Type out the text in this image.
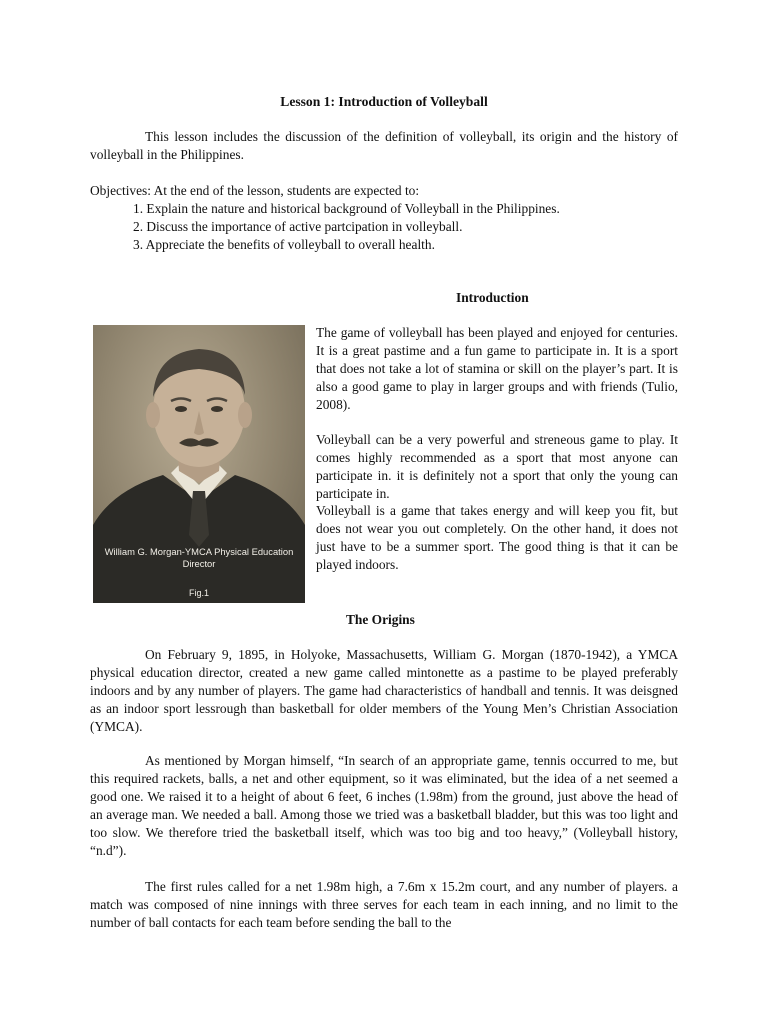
Lesson 1: Introduction of Volleyball

This lesson includes the discussion of the definition of volleyball, its origin and the history of volleyball in the Philippines.

Objectives: At the end of the lesson, students are expected to:
1. Explain the nature and historical background of Volleyball in the Philippines.
2. Discuss the importance of active partcipation in volleyball.
3. Appreciate the benefits of volleyball to overall health.
Introduction
William G. Morgan-YMCA Physical Education Director
Fig.1

The game of volleyball has been played and enjoyed for centuries. It is a great pastime and a fun game to participate in. It is a sport that does not take a lot of stamina or skill on the player’s part. It is also a good game to play in larger groups and with friends (Tulio, 2008).

Volleyball can be a very powerful and streneous game to play. It comes highly recommended as a sport that most anyone can participate in. it is definitely not a sport that only the young can participate in.

Volleyball is a game that takes energy and will keep you fit, but does not wear you out completely. On the other hand, it does not just have to be a summer sport. The good thing is that it can be played indoors.

The Origins

On February 9, 1895, in Holyoke, Massachusetts, William G. Morgan (1870-1942), a YMCA physical education director, created a new game called mintonette as a pastime to be played preferably indoors and by any number of players. The game had characteristics of handball and tennis. It was deisgned as an indoor sport lessrough than basketball for older members of the Young Men’s Christian Association (YMCA).

As mentioned by Morgan himself, “In search of an appropriate game, tennis occurred to me, but this required rackets, balls, a net and other equipment, so it was eliminated, but the idea of a net seemed a good one. We raised it to a height of about 6 feet, 6 inches (1.98m) from the ground, just above the head of an average man. We needed a ball. Among those we tried was a basketball bladder, but this was too light and too slow. We therefore tried the basketball itself, which was too big and too heavy,” (Volleyball history, “n.d”).

The first rules called for a net 1.98m high, a 7.6m x 15.2m court, and any number of players. a match was composed of nine innings with three serves for each team in each inning, and no limit to the number of ball contacts for each team before sending the ball to the
